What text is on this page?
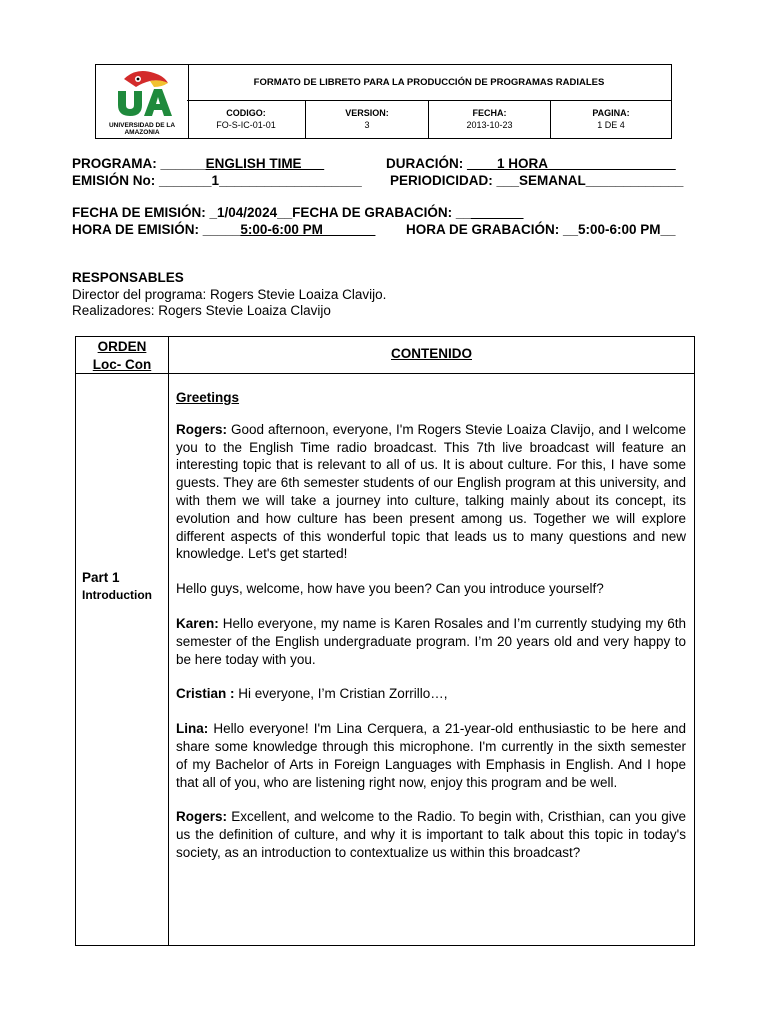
UNIVERSIDAD DE LA
AMAZONIA
FORMATO DE LIBRETO PARA LA PRODUCCIÓN DE PROGRAMAS RADIALES
CODIGO:
FO-S-IC-01-01
VERSION:
3
FECHA:
2013-10-23
PAGINA:
1 DE 4
PROGRAMA: ______ENGLISH TIME___	DURACIÓN: ____1 HORA_________________
EMISIÓN No: _______1___________________ PERIODICIDAD: ___SEMANAL_____________
FECHA DE EMISIÓN: _1/04/2024__FECHA DE GRABACIÓN: _________
HORA DE EMISIÓN: _____5:00-6:00 PM_______ HORA DE GRABACIÓN: __5:00-6:00 PM__
RESPONSABLES
Director del programa: Rogers Stevie Loaiza Clavijo.
Realizadores: Rogers Stevie Loaiza Clavijo
ORDEN
Loc- Con
CONTENIDO
Part 1
Introduction

Greetings

Rogers: Good afternoon, everyone, I'm Rogers Stevie Loaiza Clavijo, and I welcome you to the English Time radio broadcast. This 7th live broadcast will feature an interesting topic that is relevant to all of us. It is about culture. For this, I have some guests. They are 6th semester students of our English program at this university, and with them we will take a journey into culture, talking mainly about its concept, its evolution and how culture has been present among us. Together we will explore different aspects of this wonderful topic that leads us to many questions and new knowledge. Let's get started!

Hello guys, welcome, how have you been? Can you introduce yourself?

Karen: Hello everyone, my name is Karen Rosales and I’m currently studying my 6th semester of the English undergraduate program. I’m 20 years old and very happy to be here today with you.

Cristian : Hi everyone, I’m Cristian Zorrillo…,

Lina: Hello everyone! I'm Lina Cerquera, a 21-year-old enthusiastic to be here and share some knowledge through this microphone. I'm currently in the sixth semester of my Bachelor of Arts in Foreign Languages with Emphasis in English. And I hope that all of you, who are listening right now, enjoy this program and be well.

Rogers: Excellent, and welcome to the Radio. To begin with, Cristhian, can you give us the definition of culture, and why it is important to talk about this topic in today's society, as an introduction to contextualize us within this broadcast?
